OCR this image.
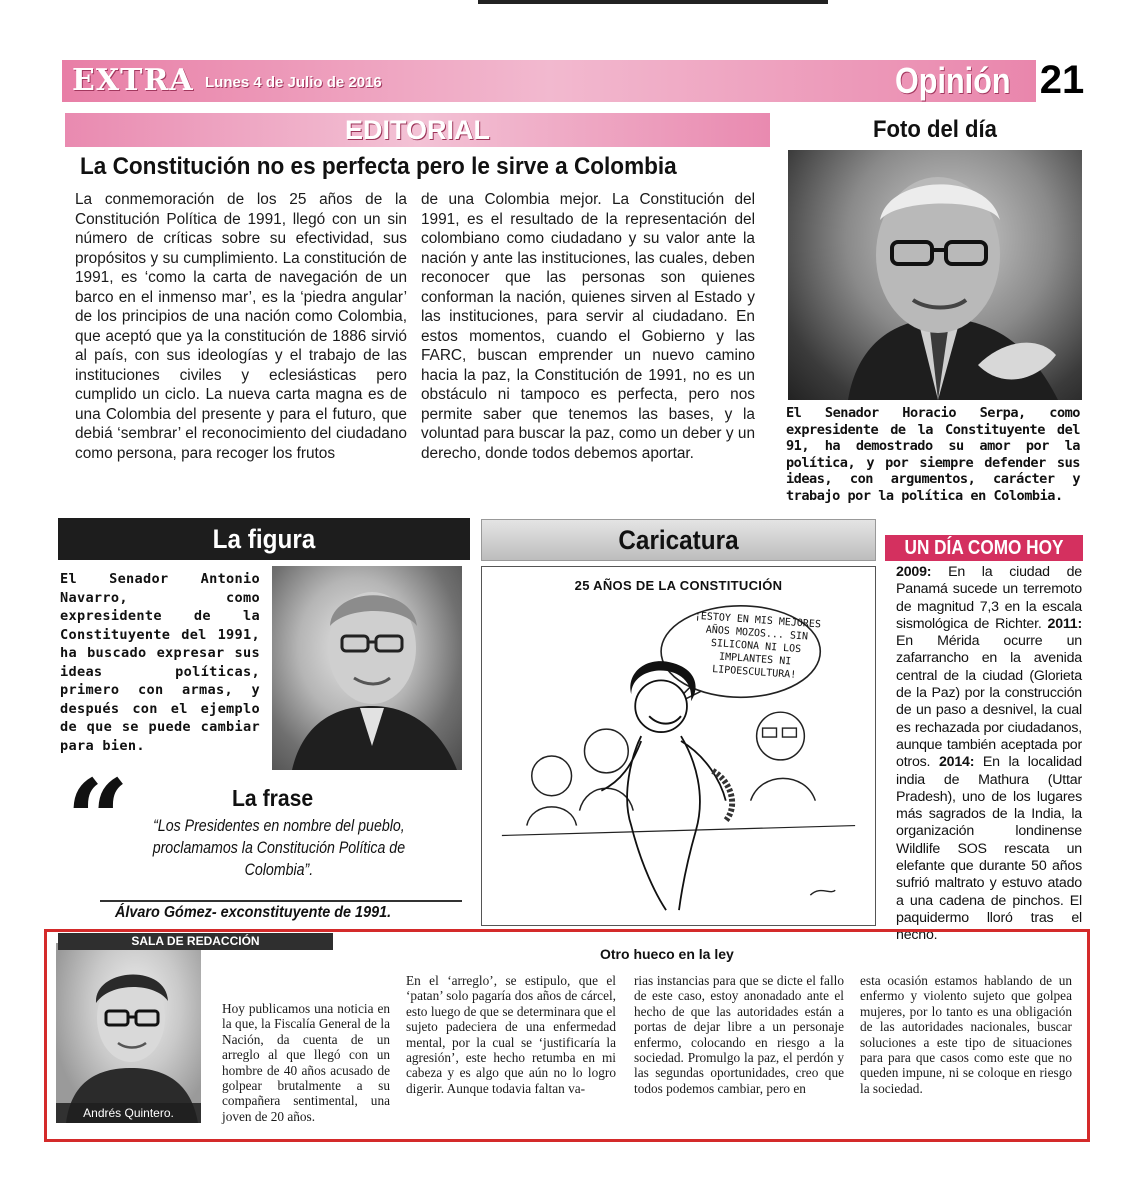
EXTRA Lunes 4 de Julio de 2016	Opinión 21
EDITORIAL
La Constitución no es perfecta pero le sirve a Colombia
La conmemoración de los 25 años de la Constitución Política de 1991, llegó con un sin número de críticas sobre su efectividad, sus propósitos y su cumplimiento. La constitución de 1991, es ‘como la carta de navegación de un barco en el inmenso mar’, es la ‘piedra angular’ de los principios de una nación como Colombia, que aceptó que ya la constitución de 1886 sirvió al país, con sus ideologías y el trabajo de las instituciones civiles y eclesiásticas pero cumplido un ciclo. La nueva carta magna es de una Colombia del presente y para el futuro, que debiá ‘sembrar’ el reconocimiento del ciudadano como persona, para recoger los frutos
de una Colombia mejor. La Constitución del 1991, es el resultado de la representación del colombiano como ciudadano y su valor ante la nación y ante las instituciones, las cuales, deben reconocer que las personas son quienes conforman la nación, quienes sirven al Estado y las instituciones, para servir al ciudadano. En estos momentos, cuando el Gobierno y las FARC, buscan emprender un nuevo camino hacia la paz, la Constitución de 1991, no es un obstáculo ni tampoco es perfecta, pero nos permite saber que tenemos las bases, y la voluntad para buscar la paz, como un deber y un derecho, donde todos debemos aportar.
Foto del día
El Senador Horacio Serpa, como expresidente de la Constituyente del 91, ha demostrado su amor por la política, y por siempre defender sus ideas, con argumentos, carácter y trabajo por la política en Colombia.
La figura
El Senador Antonio Navarro, como expresidente de la Constituyente del 1991, ha buscado expresar sus ideas políticas, primero con armas, y después con el ejemplo de que se puede cambiar para bien.
“	La frase
“Los Presidentes en nombre del pueblo, proclamamos la Constitución Política de Colombia”.
Álvaro Gómez- exconstituyente de 1991.
Caricatura
25 AÑOS DE LA CONSTITUCIÓN
¡ESTOY EN MIS MEJORES AÑOS MOZOS... SIN SILICONA NI LOS IMPLANTES NI LIPOESCULTURA!
UN DÍA COMO HOY
2009: En la ciudad de Panamá sucede un terremoto de magnitud 7,3 en la escala sismológica de Richter. 2011: En Mérida ocurre un zafarrancho en la avenida central de la ciudad (Glorieta de la Paz) por la construcción de un paso a desnivel, la cual es rechazada por ciudadanos, aunque también aceptada por otros. 2014: En la localidad india de Mathura (Uttar Pradesh), uno de los lugares más sagrados de la India, la organización londinense Wildlife SOS rescata un elefante que durante 50 años sufrió maltrato y estuvo atado a una cadena de pinchos. El paquidermo lloró tras el hecho.
SALA DE REDACCIÓN
Otro hueco en la ley
Andrés Quintero.
Hoy publicamos una noticia en la que, la Fiscalía General de la Nación, da cuenta de un arreglo al que llegó con un hombre de 40 años acusado de golpear brutalmente a su compañera sentimental, una joven de 20 años.
En el ‘arreglo’, se estipulo, que el ‘patan’ solo pagaría dos años de cárcel, esto luego de que se determinara que el sujeto padeciera de una enfermedad mental, por la cual se ‘justificaría la agresión’, este hecho retumba en mi cabeza y es algo que aún no lo logro digerir. Aunque todavia faltan va-
rias instancias para que se dicte el fallo de este caso, estoy anonadado ante el hecho de que las autoridades están a portas de dejar libre a un personaje enfermo, colocando en riesgo a la sociedad. Promulgo la paz, el perdón y las segundas oportunidades, creo que todos podemos cambiar, pero en
esta ocasión estamos hablando de un enfermo y violento sujeto que golpea mujeres, por lo tanto es una obligación de las autoridades nacionales, buscar soluciones a este tipo de situaciones para para que casos como este que no queden impune, ni se coloque en riesgo la sociedad.
